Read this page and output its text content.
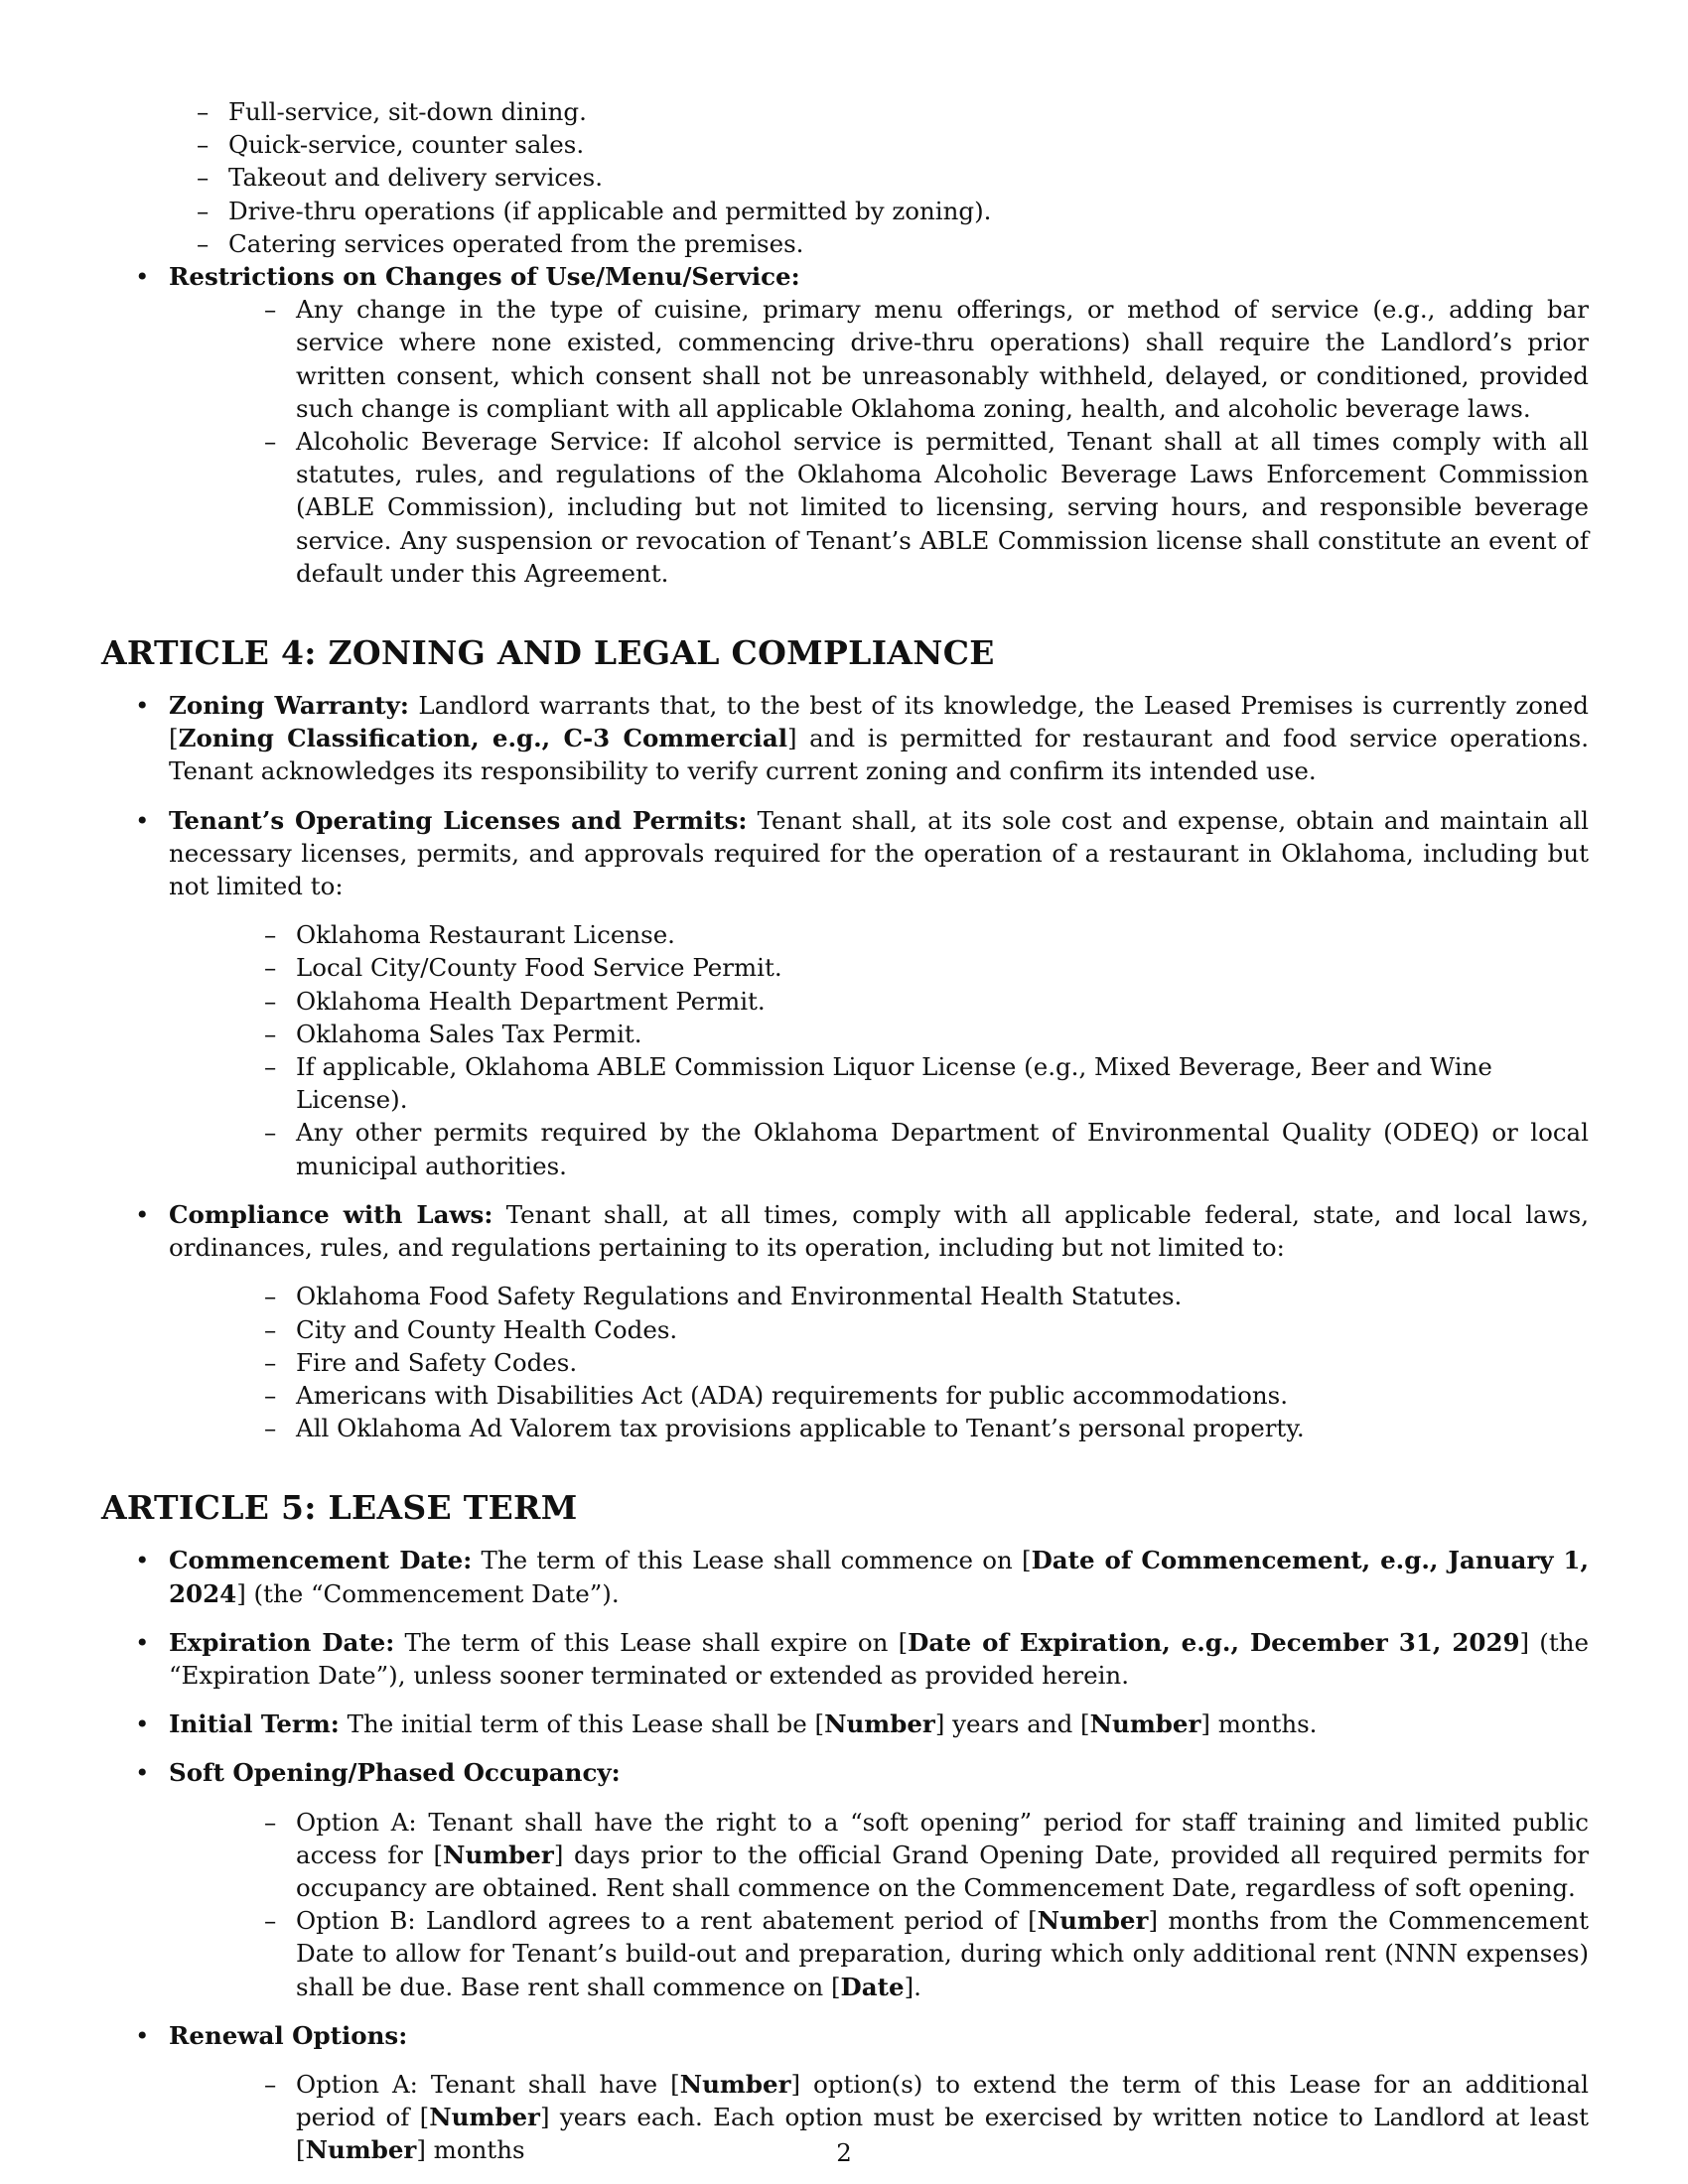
– Full-service, sit-down dining.
– Quick-service, counter sales.
– Takeout and delivery services.
– Drive-thru operations (if applicable and permitted by zoning).
– Catering services operated from the premises.
• Restrictions on Changes of Use/Menu/Service:
– Any change in the type of cuisine, primary menu offerings, or method of service (e.g., adding bar service where none existed, commencing drive-thru operations) shall require the Landlord’s prior written consent, which consent shall not be unreasonably withheld, delayed, or conditioned, provided such change is compliant with all applicable Oklahoma zoning, health, and alcoholic beverage laws.
– Alcoholic Beverage Service: If alcohol service is permitted, Tenant shall at all times comply with all statutes, rules, and regulations of the Oklahoma Alcoholic Beverage Laws Enforcement Commission (ABLE Commission), including but not limited to licensing, serving hours, and responsible beverage service. Any suspension or revocation of Tenant’s ABLE Commission license shall constitute an event of default under this Agreement.
ARTICLE 4: ZONING AND LEGAL COMPLIANCE
• Zoning Warranty: Landlord warrants that, to the best of its knowledge, the Leased Premises is currently zoned [Zoning Classification, e.g., C-3 Commercial] and is permitted for restaurant and food service operations. Tenant acknowledges its responsibility to verify current zoning and confirm its intended use.
• Tenant’s Operating Licenses and Permits: Tenant shall, at its sole cost and expense, obtain and maintain all necessary licenses, permits, and approvals required for the operation of a restaurant in Oklahoma, including but not limited to:
– Oklahoma Restaurant License.
– Local City/County Food Service Permit.
– Oklahoma Health Department Permit.
– Oklahoma Sales Tax Permit.
– If applicable, Oklahoma ABLE Commission Liquor License (e.g., Mixed Beverage, Beer and Wine License).
– Any other permits required by the Oklahoma Department of Environmental Quality (ODEQ) or local municipal authorities.
• Compliance with Laws: Tenant shall, at all times, comply with all applicable federal, state, and local laws, ordinances, rules, and regulations pertaining to its operation, including but not limited to:
– Oklahoma Food Safety Regulations and Environmental Health Statutes.
– City and County Health Codes.
– Fire and Safety Codes.
– Americans with Disabilities Act (ADA) requirements for public accommodations.
– All Oklahoma Ad Valorem tax provisions applicable to Tenant’s personal property.
ARTICLE 5: LEASE TERM
• Commencement Date: The term of this Lease shall commence on [Date of Commencement, e.g., January 1, 2024] (the “Commencement Date”).
• Expiration Date: The term of this Lease shall expire on [Date of Expiration, e.g., December 31, 2029] (the “Expiration Date”), unless sooner terminated or extended as provided herein.
• Initial Term: The initial term of this Lease shall be [Number] years and [Number] months.
• Soft Opening/Phased Occupancy:
– Option A: Tenant shall have the right to a “soft opening” period for staff training and limited public access for [Number] days prior to the official Grand Opening Date, provided all required permits for occupancy are obtained. Rent shall commence on the Commencement Date, regardless of soft opening.
– Option B: Landlord agrees to a rent abatement period of [Number] months from the Commencement Date to allow for Tenant’s build-out and preparation, during which only additional rent (NNN expenses) shall be due. Base rent shall commence on [Date].
• Renewal Options:
– Option A: Tenant shall have [Number] option(s) to extend the term of this Lease for an additional period of [Number] years each. Each option must be exercised by written notice to Landlord at least [Number] months	2
